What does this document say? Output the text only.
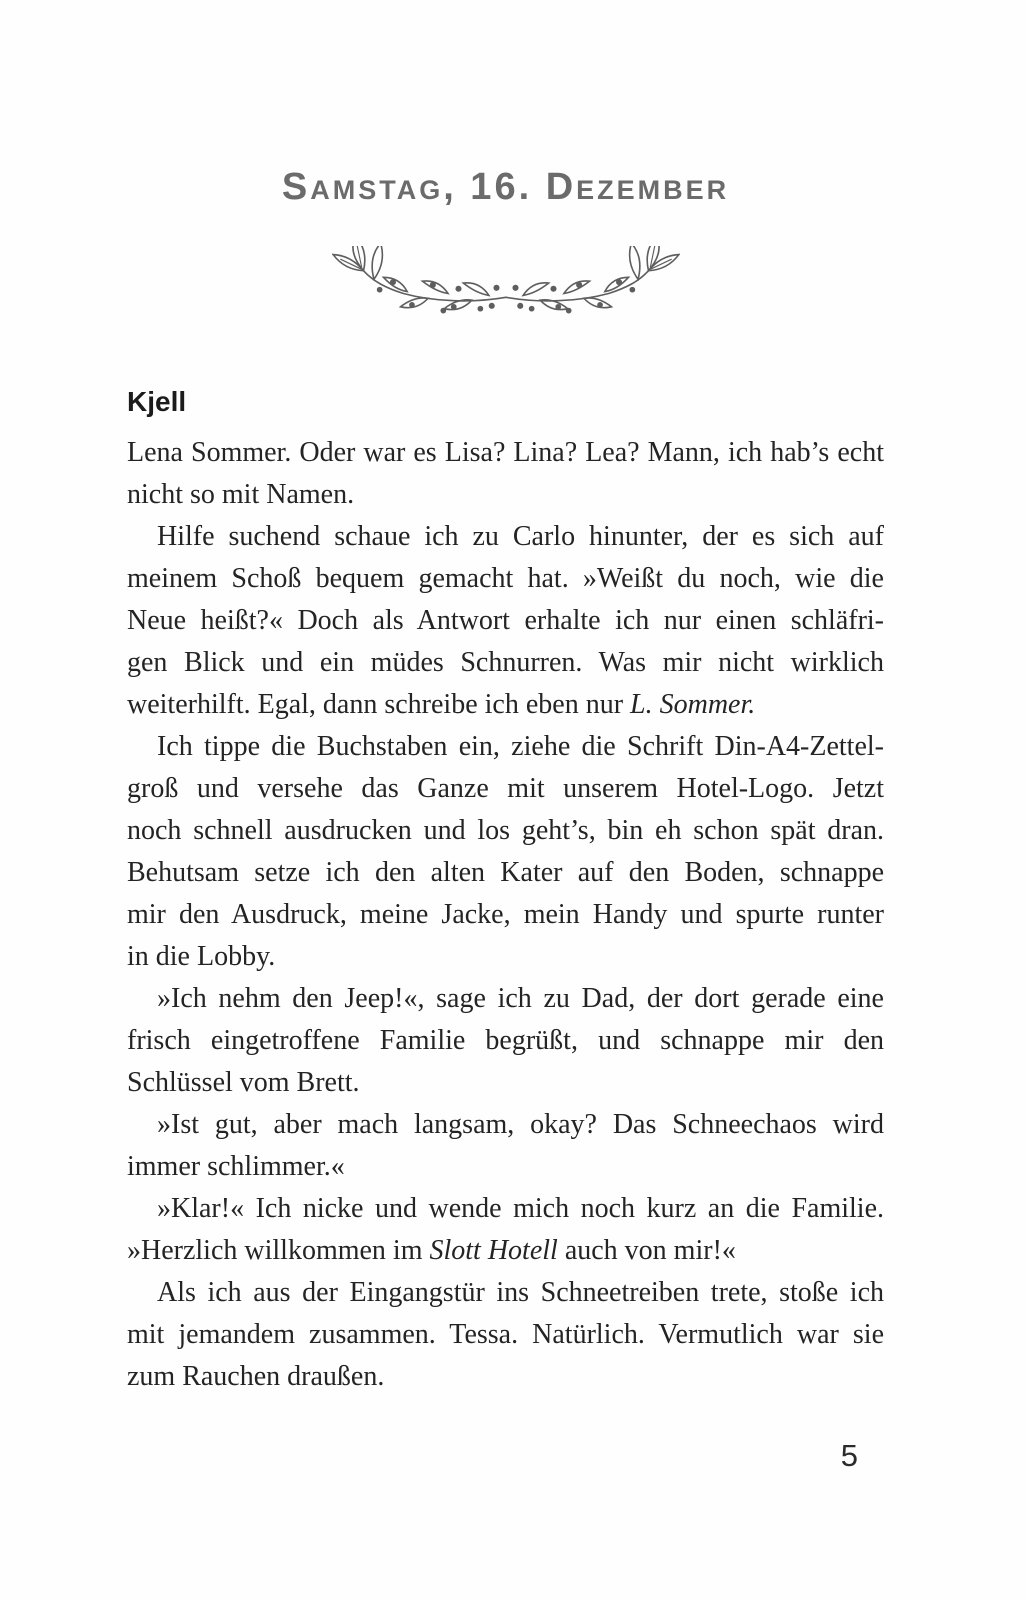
Samstag, 16. Dezember
Kjell
Lena Sommer. Oder war es Lisa? Lina? Lea? Mann, ich hab’s echt
nicht so mit Namen.
Hilfe suchend schaue ich zu Carlo hinunter, der es sich auf
meinem Schoß bequem gemacht hat. »Weißt du noch, wie die
Neue heißt?« Doch als Antwort erhalte ich nur einen schläfri-
gen Blick und ein müdes Schnurren. Was mir nicht wirklich
weiterhilft. Egal, dann schreibe ich eben nur L. Sommer.
Ich tippe die Buchstaben ein, ziehe die Schrift Din-A4-Zettel-
groß und versehe das Ganze mit unserem Hotel-Logo. Jetzt
noch schnell ausdrucken und los geht’s, bin eh schon spät dran.
Behutsam setze ich den alten Kater auf den Boden, schnappe
mir den Ausdruck, meine Jacke, mein Handy und spurte runter
in die Lobby.
»Ich nehm den Jeep!«, sage ich zu Dad, der dort gerade eine
frisch eingetroffene Familie begrüßt, und schnappe mir den
Schlüssel vom Brett.
»Ist gut, aber mach langsam, okay? Das Schneechaos wird
immer schlimmer.«
»Klar!« Ich nicke und wende mich noch kurz an die Familie.
»Herzlich willkommen im Slott Hotell auch von mir!«
Als ich aus der Eingangstür ins Schneetreiben trete, stoße ich
mit jemandem zusammen. Tessa. Natürlich. Vermutlich war sie
zum Rauchen draußen.
5
